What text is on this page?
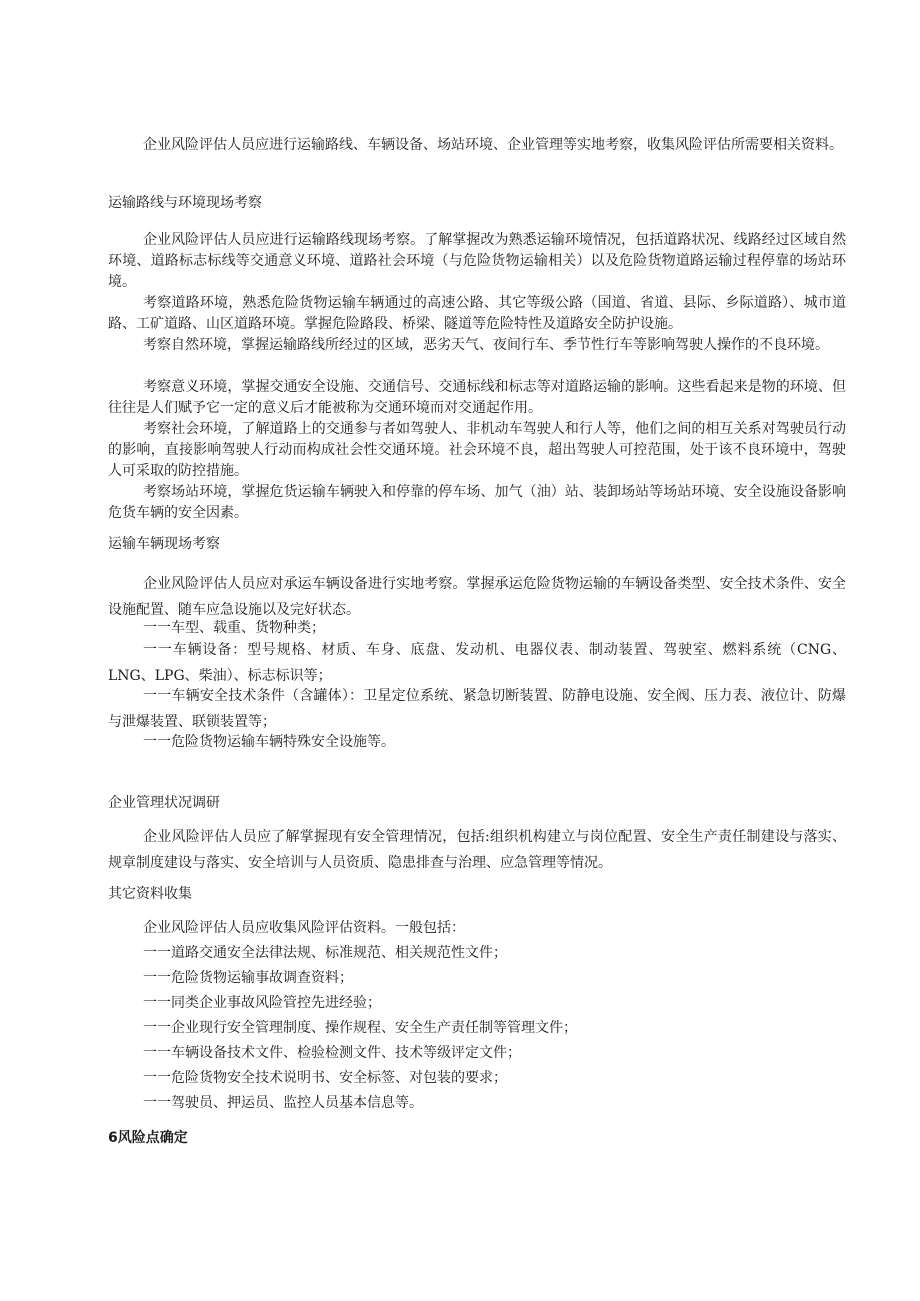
企业风险评估人员应进行运输路线、车辆设备、场站环境、企业管理等实地考察，收集风险评估所需要相关资料。

运输路线与环境现场考察

企业风险评估人员应进行运输路线现场考察。了解掌握改为熟悉运输环境情况，包括道路状况、线路经过区域自然环境、道路标志标线等交通意义环境、道路社会环境（与危险货物运输相关）以及危险货物道路运输过程停靠的场站环境。

考察道路环境，熟悉危险货物运输车辆通过的高速公路、其它等级公路（国道、省道、县际、乡际道路）、城市道路、工矿道路、山区道路环境。掌握危险路段、桥梁、隧道等危险特性及道路安全防护设施。

考察自然环境，掌握运输路线所经过的区域，恶劣天气、夜间行车、季节性行车等影响驾驶人操作的不良环境。

考察意义环境，掌握交通安全设施、交通信号、交通标线和标志等对道路运输的影响。这些看起来是物的环境、但往往是人们赋予它一定的意义后才能被称为交通环境而对交通起作用。

考察社会环境，了解道路上的交通参与者如驾驶人、非机动车驾驶人和行人等，他们之间的相互关系对驾驶员行动的影响，直接影响驾驶人行动而构成社会性交通环境。社会环境不良，超出驾驶人可控范围，处于该不良环境中，驾驶人可采取的防控措施。

考察场站环境，掌握危货运输车辆驶入和停靠的停车场、加气（油）站、装卸场站等场站环境、安全设施设备影响危货车辆的安全因素。

运输车辆现场考察

企业风险评估人员应对承运车辆设备进行实地考察。掌握承运危险货物运输的车辆设备类型、安全技术条件、安全设施配置、随车应急设施以及完好状态。

一一车型、载重、货物种类；

一一车辆设备：型号规格、材质、车身、底盘、发动机、电器仪表、制动装置、驾驶室、燃料系统（CNG、LNG、LPG、柴油）、标志标识等；

一一车辆安全技术条件（含罐体）：卫星定位系统、紧急切断装置、防静电设施、安全阀、压力表、液位计、防爆与泄爆装置、联锁装置等；

一一危险货物运输车辆特殊安全设施等。

企业管理状况调研

企业风险评估人员应了解掌握现有安全管理情况，包括:组织机构建立与岗位配置、安全生产责任制建设与落实、规章制度建设与落实、安全培训与人员资质、隐患排查与治理、应急管理等情况。

其它资料收集

企业风险评估人员应收集风险评估资料。一般包括：

一一道路交通安全法律法规、标准规范、相关规范性文件；

一一危险货物运输事故调查资料；

一一同类企业事故风险管控先进经验；

一一企业现行安全管理制度、操作规程、安全生产责任制等管理文件；

一一车辆设备技术文件、检验检测文件、技术等级评定文件；

一一危险货物安全技术说明书、安全标签、对包装的要求；

一一驾驶员、押运员、监控人员基本信息等。

6风险点确定
